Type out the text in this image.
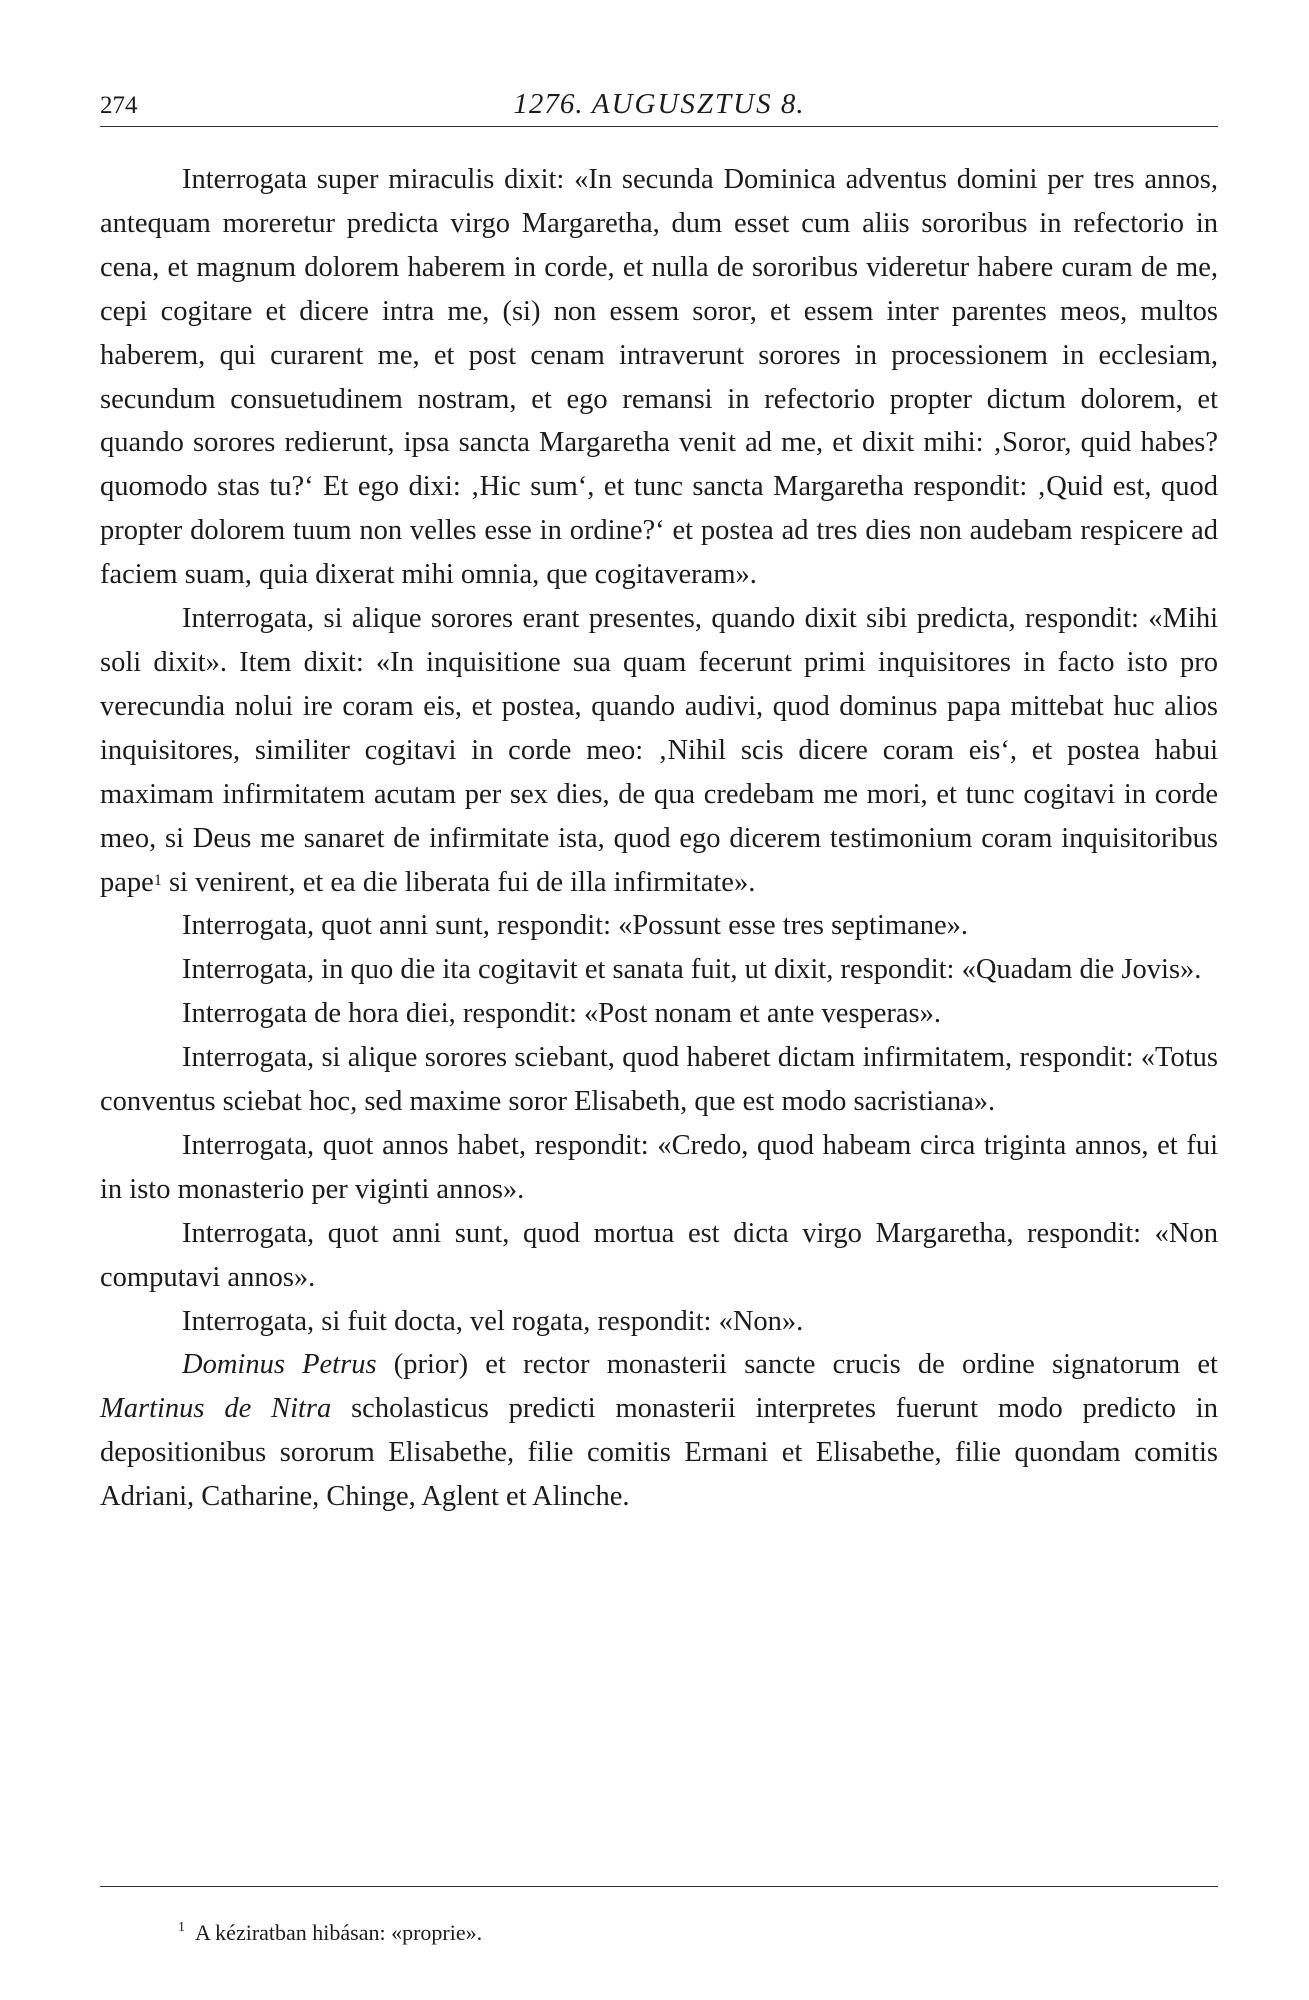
274	1276. AUGUSZTUS 8.

Interrogata super miraculis dixit: «In secunda Dominica adventus domini per tres annos, antequam moreretur predicta virgo Margaretha, dum esset cum aliis sororibus in refectorio in cena, et magnum dolorem haberem in corde, et nulla de sororibus videretur habere curam de me, cepi cogitare et dicere intra me, (si) non essem soror, et essem inter parentes meos, multos haberem, qui curarent me, et post cenam intraverunt sorores in processionem in ecclesiam, secundum consuetudinem nostram, et ego remansi in refectorio propter dictum dolorem, et quando sorores redierunt, ipsa sancta Margaretha venit ad me, et dixit mihi: ‚Soror, quid habes? quomodo stas tu?‘ Et ego dixi: ‚Hic sum‘, et tunc sancta Margaretha respondit: ‚Quid est, quod propter dolorem tuum non velles esse in ordine?‘ et postea ad tres dies non audebam respicere ad faciem suam, quia dixerat mihi omnia, que cogitaveram».

Interrogata, si alique sorores erant presentes, quando dixit sibi predicta, respondit: «Mihi soli dixit». Item dixit: «In inquisitione sua quam fecerunt primi inquisitores in facto isto pro verecundia nolui ire coram eis, et postea, quando audivi, quod dominus papa mittebat huc alios inquisitores, similiter cogitavi in corde meo: ‚Nihil scis dicere coram eis‘, et postea habui maximam infirmitatem acutam per sex dies, de qua credebam me mori, et tunc cogitavi in corde meo, si Deus me sanaret de infirmitate ista, quod ego dicerem testimonium coram inquisitoribus pape$^1$ si venirent, et ea die liberata fui de illa infirmitate».

Interrogata, quot anni sunt, respondit: «Possunt esse tres septimane».

Interrogata, in quo die ita cogitavit et sanata fuit, ut dixit, respondit: «Quadam die Jovis».

Interrogata de hora diei, respondit: «Post nonam et ante vesperas».

Interrogata, si alique sorores sciebant, quod haberet dictam infirmitatem, respondit: «Totus conventus sciebat hoc, sed maxime soror Elisabeth, que est modo sacristiana».

Interrogata, quot annos habet, respondit: «Credo, quod habeam circa triginta annos, et fui in isto monasterio per viginti annos».

Interrogata, quot anni sunt, quod mortua est dicta virgo Margaretha, respondit: «Non computavi annos».

Interrogata, si fuit docta, vel rogata, respondit: «Non».

Dominus Petrus (prior) et rector monasterii sancte crucis de ordine signatorum et Martinus de Nitra scholasticus predicti monasterii interpretes fuerunt modo predicto in depositionibus sororum Elisabethe, filie comitis Ermani et Elisabethe, filie quondam comitis Adriani, Catharine, Chinge, Aglent et Alinche.

$^1$ A kéziratban hibásan: «proprie».
